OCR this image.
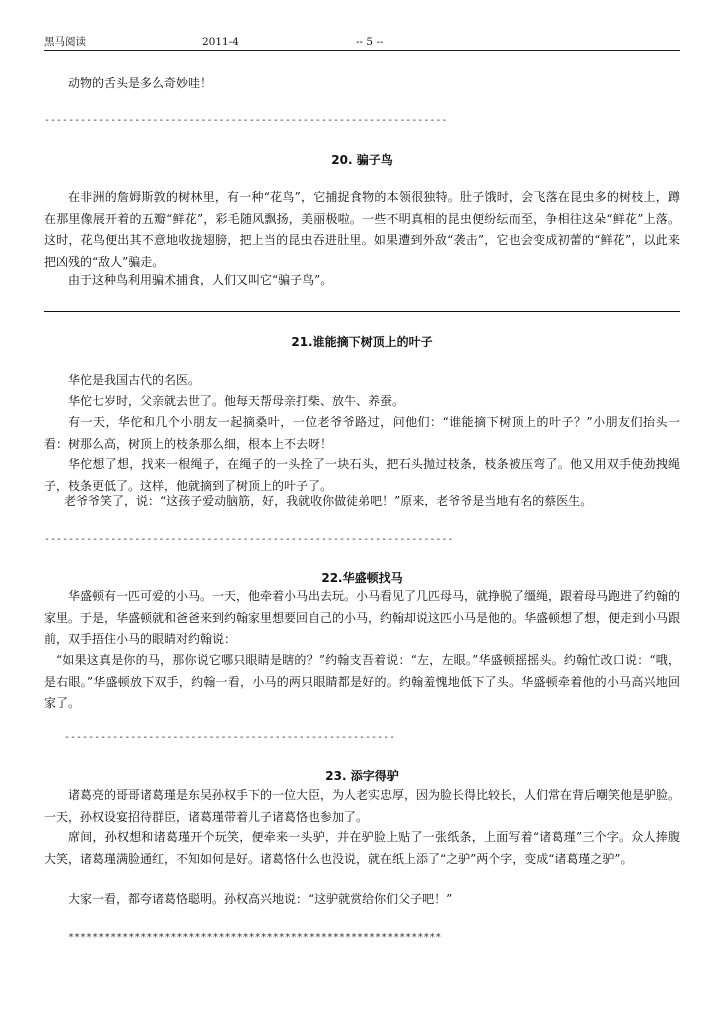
黑马阅读	2011-4	-- 5 --

动物的舌头是多么奇妙哇！

-------------------------------------------------------------------

20. 骗子鸟

在非洲的詹姆斯敦的树林里，有一种“花鸟”，它捕捉食物的本领很独特。肚子饿时，会飞落在昆虫多的树枝上，蹲在那里像展开着的五瓣“鲜花”，彩毛随风飘扬，美丽极啦。一些不明真相的昆虫便纷纭而至，争相往这朵“鲜花”上落。这时，花鸟便出其不意地收拢翅膀，把上当的昆虫吞进肚里。如果遭到外敌“袭击”，它也会变成初蕾的“鲜花”，以此来把凶残的“敌人”骗走。

由于这种鸟利用骗术捕食，人们又叫它“骗子鸟”。

21.谁能摘下树顶上的叶子

华佗是我国古代的名医。

华佗七岁时，父亲就去世了。他每天帮母亲打柴、放牛、养蚕。

有一天，华佗和几个小朋友一起摘桑叶，一位老爷爷路过，问他们：“谁能摘下树顶上的叶子？”小朋友们抬头一看：树那么高，树顶上的枝条那么细，根本上不去呀！

华佗想了想，找来一根绳子，在绳子的一头拴了一块石头，把石头抛过枝条，枝条被压弯了。他又用双手使劲拽绳子，枝条更低了。这样，他就摘到了树顶上的叶子了。

老爷爷笑了，说：“这孩子爱动脑筋，好，我就收你做徒弟吧！”原来，老爷爷是当地有名的蔡医生。

--------------------------------------------------------------------

22.华盛顿找马

华盛顿有一匹可爱的小马。一天，他牵着小马出去玩。小马看见了几匹母马，就挣脱了缰绳，跟着母马跑进了约翰的家里。于是，华盛顿就和爸爸来到约翰家里想要回自己的小马，约翰却说这匹小马是他的。华盛顿想了想，便走到小马跟前，双手捂住小马的眼睛对约翰说：

“如果这真是你的马，那你说它哪只眼睛是瞎的？”约翰支吾着说：“左，左眼。”华盛顿摇摇头。约翰忙改口说：“哦，是右眼。”华盛顿放下双手，约翰一看，小马的两只眼睛都是好的。约翰羞愧地低下了头。华盛顿牵着他的小马高兴地回家了。

-------------------------------------------------------

23. 添字得驴

诸葛亮的哥哥诸葛瑾是东吴孙权手下的一位大臣，为人老实忠厚，因为脸长得比较长，人们常在背后嘲笑他是驴脸。一天，孙权设宴招待群臣，诸葛瑾带着儿子诸葛恪也参加了。

席间，孙权想和诸葛瑾开个玩笑，便牵来一头驴，并在驴脸上贴了一张纸条，上面写着“诸葛瑾”三个字。众人捧腹大笑，诸葛瑾满脸通红，不知如何是好。诸葛恪什么也没说，就在纸上添了“之驴”两个字，变成“诸葛瑾之驴”。

大家一看，都夸诸葛恪聪明。孙权高兴地说：“这驴就赏给你们父子吧！”

**************************************************************
